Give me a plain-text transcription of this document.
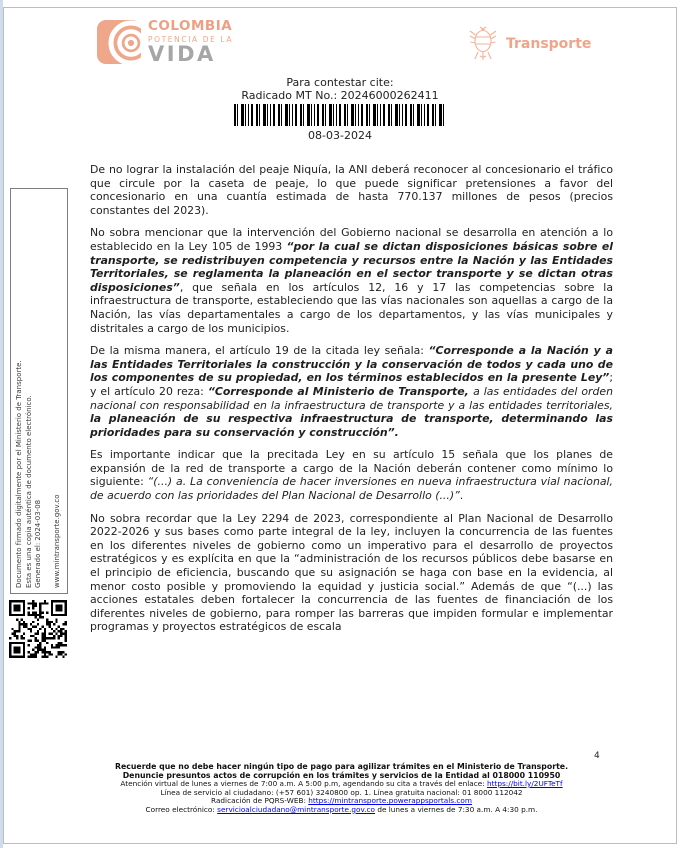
COLOMBIA
POTENCIA DE LA
VIDA	Transporte
Para contestar cite:
Radicado MT No.: 20246000262411
08-03-2024
Documento firmado digitalmente por el Ministerio de Transporte. Esta es una copia auténtica de documento electrónico. Generado el: 2024-03-08 www.mintransporte.gov.co

De no lograr la instalación del peaje Niquía, la ANI deberá reconocer al concesionario el tráfico que circule por la caseta de peaje, lo que puede significar pretensiones a favor del concesionario en una cuantía estimada de hasta 770.137 millones de pesos (precios constantes del 2023).

No sobra mencionar que la intervención del Gobierno nacional se desarrolla en atención a lo establecido en la Ley 105 de 1993 “por la cual se dictan disposiciones básicas sobre el transporte, se redistribuyen competencia y recursos entre la Nación y las Entidades Territoriales, se reglamenta la planeación en el sector transporte y se dictan otras disposiciones”, que señala en los artículos 12, 16 y 17 las competencias sobre la infraestructura de transporte, estableciendo que las vías nacionales son aquellas a cargo de la Nación, las vías departamentales a cargo de los departamentos, y las vías municipales y distritales a cargo de los municipios.

De la misma manera, el artículo 19 de la citada ley señala: “Corresponde a la Nación y a las Entidades Territoriales la construcción y la conservación de todos y cada uno de los componentes de su propiedad, en los términos establecidos en la presente Ley”; y el artículo 20 reza: “Corresponde al Ministerio de Transporte, a las entidades del orden nacional con responsabilidad en la infraestructura de transporte y a las entidades territoriales, la planeación de su respectiva infraestructura de transporte, determinando las prioridades para su conservación y construcción”.

Es importante indicar que la precitada Ley en su artículo 15 señala que los planes de expansión de la red de transporte a cargo de la Nación deberán contener como mínimo lo siguiente: “(...) a. La conveniencia de hacer inversiones en nueva infraestructura vial nacional, de acuerdo con las prioridades del Plan Nacional de Desarrollo (...)”.

No sobra recordar que la Ley 2294 de 2023, correspondiente al Plan Nacional de Desarrollo 2022-2026 y sus bases como parte integral de la ley, incluyen la concurrencia de las fuentes en los diferentes niveles de gobierno como un imperativo para el desarrollo de proyectos estratégicos y es explícita en que la “administración de los recursos públicos debe basarse en el principio de eficiencia, buscando que su asignación se haga con base en la evidencia, al menor costo posible y promoviendo la equidad y justicia social.” Además de que “(...) las acciones estatales deben fortalecer la concurrencia de las fuentes de financiación de los diferentes niveles de gobierno, para romper las barreras que impiden formular e implementar programas y proyectos estratégicos de escala

4
Recuerde que no debe hacer ningún tipo de pago para agilizar trámites en el Ministerio de Transporte.
Denuncie presuntos actos de corrupción en los trámites y servicios de la Entidad al 018000 110950
Atención virtual de lunes a viernes de 7:00 a.m. A 5:00 p.m, agendando su cita a través del enlace: https://bit.ly/2UFTeTf
Línea de servicio al ciudadano: (+57 601) 3240800 op. 1. Línea gratuita nacional: 01 8000 112042
Radicación de PQRS-WEB: https://mintransporte.powerappsportals.com
Correo electrónico: servicioalciudadano@mintransporte.gov.co de lunes a viernes de 7:30 a.m. A 4:30 p.m.
